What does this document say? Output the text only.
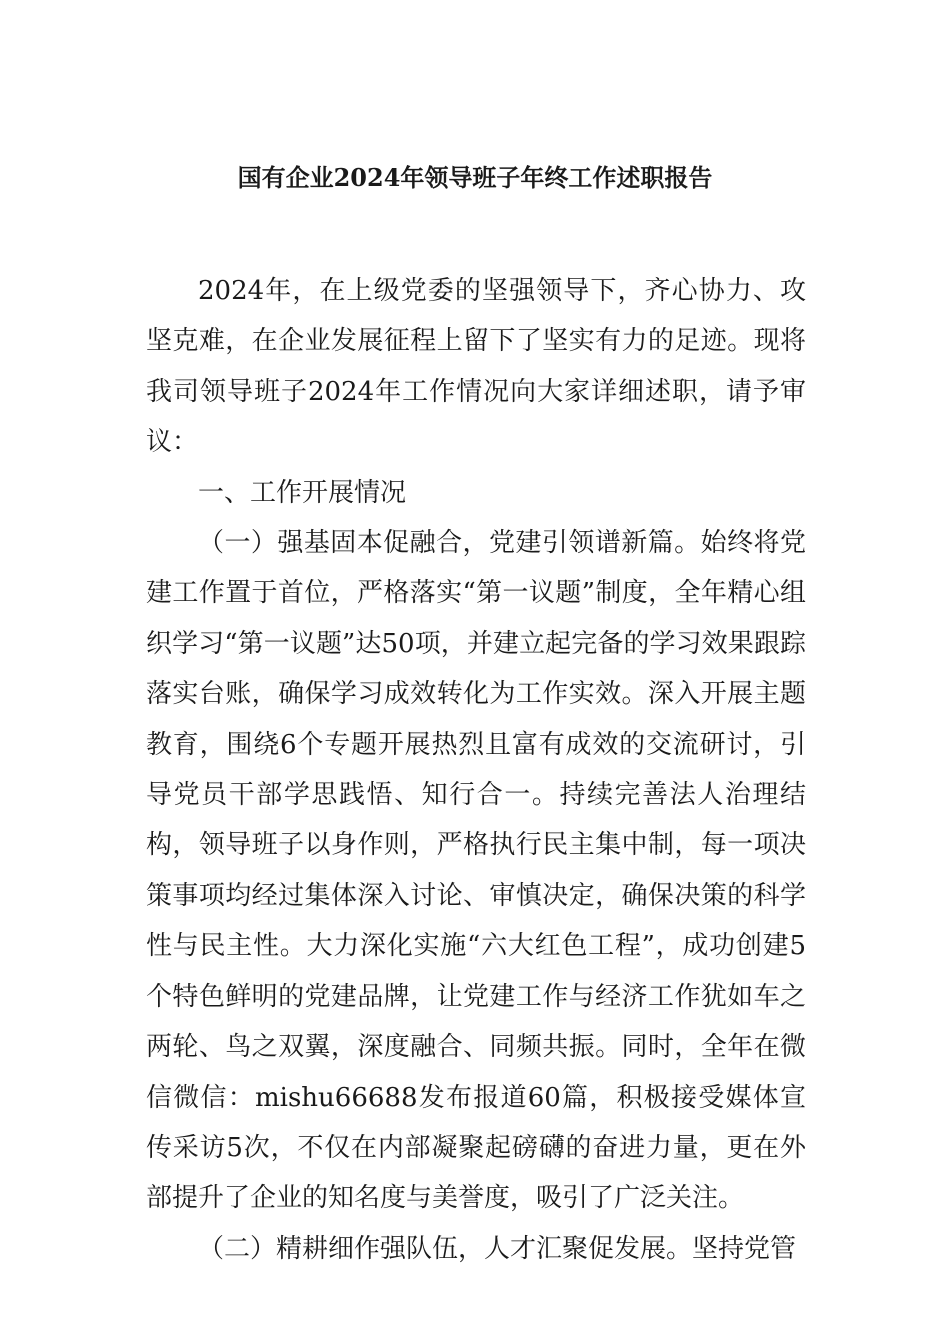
国有企业2024年领导班子年终工作述职报告

2024年，在上级党委的坚强领导下，齐心协力、攻坚克难，在企业发展征程上留下了坚实有力的足迹。现将我司领导班子2024年工作情况向大家详细述职，请予审议：

一、工作开展情况

（一）强基固本促融合，党建引领谱新篇。始终将党建工作置于首位，严格落实“第一议题”制度，全年精心组织学习“第一议题”达50项，并建立起完备的学习效果跟踪落实台账，确保学习成效转化为工作实效。深入开展主题教育，围绕6个专题开展热烈且富有成效的交流研讨，引导党员干部学思践悟、知行合一。持续完善法人治理结构，领导班子以身作则，严格执行民主集中制，每一项决策事项均经过集体深入讨论、审慎决定，确保决策的科学性与民主性。大力深化实施“六大红色工程”，成功创建5个特色鲜明的党建品牌，让党建工作与经济工作犹如车之两轮、鸟之双翼，深度融合、同频共振。同时，全年在微信微信：mishu66688发布报道60篇，积极接受媒体宣传采访5次，不仅在内部凝聚起磅礴的奋进力量，更在外部提升了企业的知名度与美誉度，吸引了广泛关注。

（二）精耕细作强队伍，人才汇聚促发展。坚持党管
